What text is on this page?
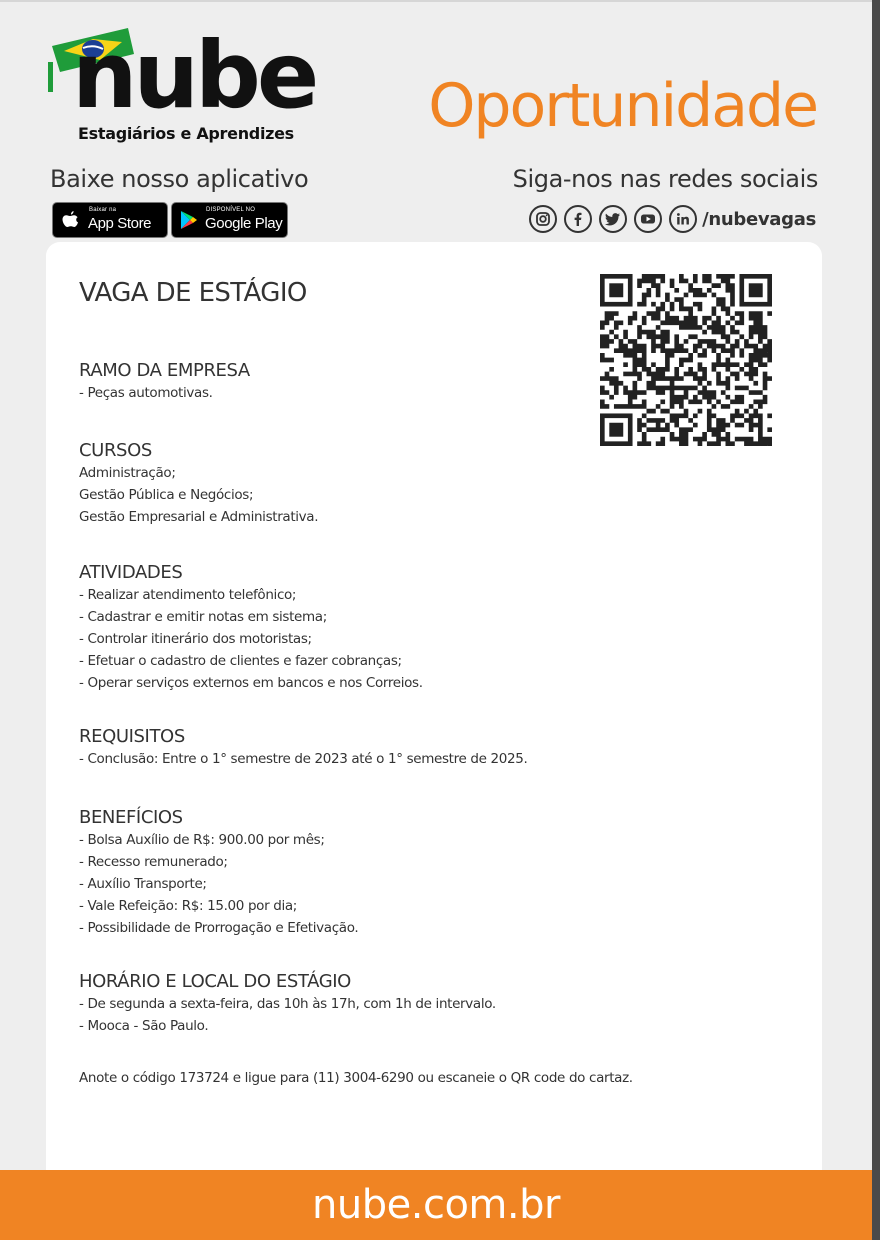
nube
Estagiários e Aprendizes Oportunidade
Baixe nosso aplicativo	Siga-nos nas redes sociais
Baixar na
App Store
DISPONÍVEL NO
Google Play	/nubevagas
VAGA DE ESTÁGIO
RAMO DA EMPRESA
- Peças automotivas.
CURSOS
Administração;
Gestão Pública e Negócios;
Gestão Empresarial e Administrativa.
ATIVIDADES
- Realizar atendimento telefônico;
- Cadastrar e emitir notas em sistema;
- Controlar itinerário dos motoristas;
- Efetuar o cadastro de clientes e fazer cobranças;
- Operar serviços externos em bancos e nos Correios.
REQUISITOS
- Conclusão: Entre o 1° semestre de 2023 até o 1° semestre de 2025.
BENEFÍCIOS
- Bolsa Auxílio de R$: 900.00 por mês;
- Recesso remunerado;
- Auxílio Transporte;
- Vale Refeição: R$: 15.00 por dia;
- Possibilidade de Prorrogação e Efetivação.
HORÁRIO E LOCAL DO ESTÁGIO
- De segunda a sexta-feira, das 10h às 17h, com 1h de intervalo.
- Mooca - São Paulo.
Anote o código 173724 e ligue para (11) 3004-6290 ou escaneie o QR code do cartaz.
nube.com.br
